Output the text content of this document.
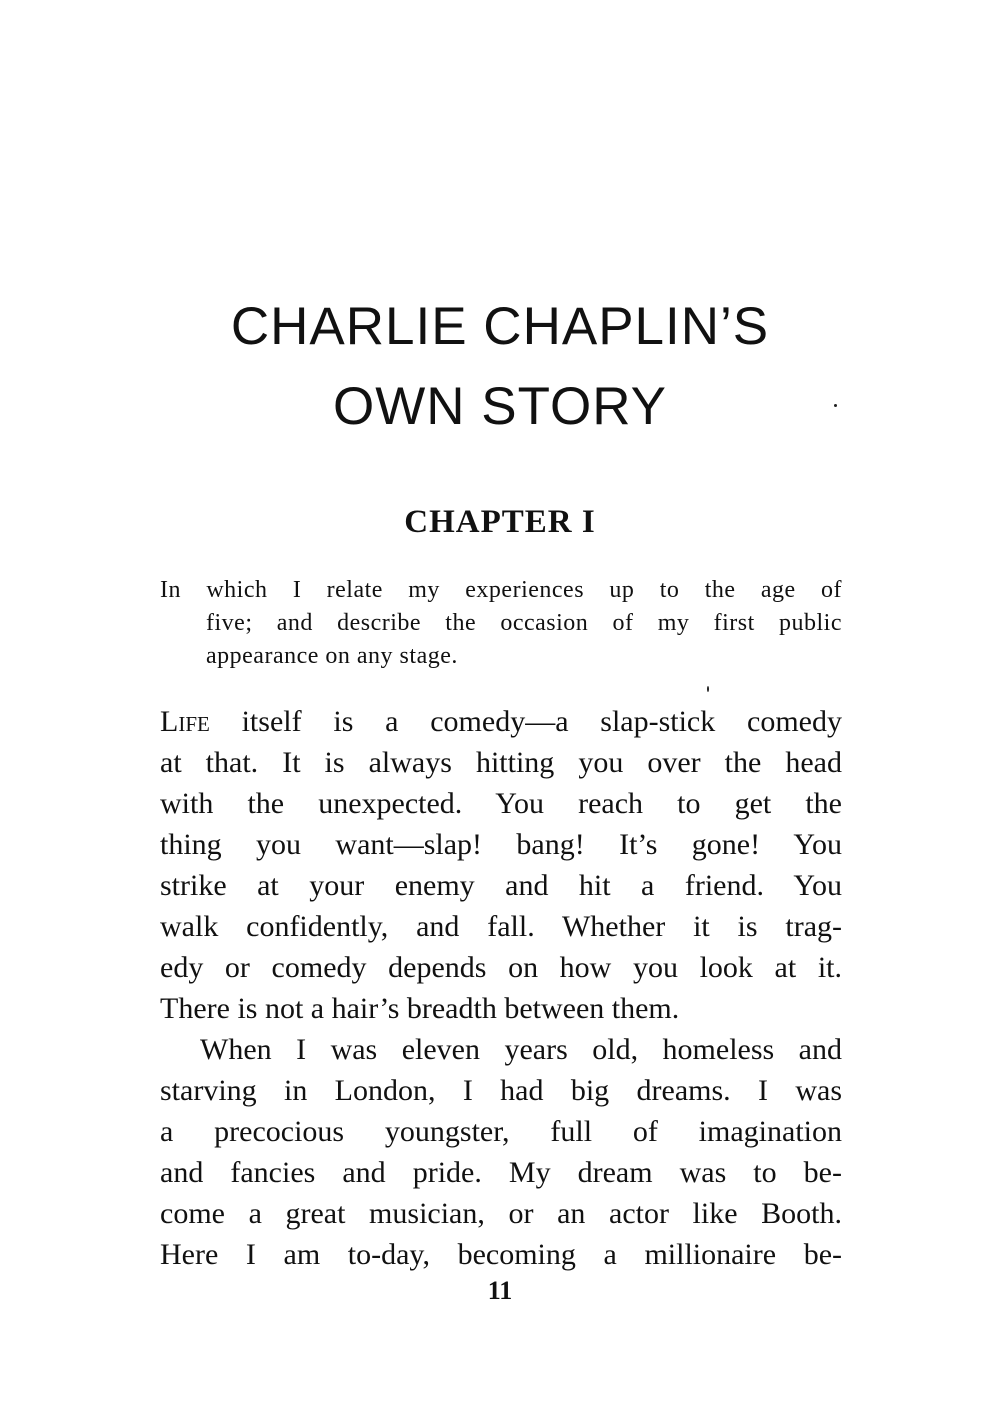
CHARLIE CHAPLIN’S
OWN STORY
CHAPTER I
In which I relate my experiences up to the age of
five; and describe the occasion of my first public
appearance on any stage.
Life itself is a comedy—a slap-stick comedy
at that. It is always hitting you over the head
with the unexpected. You reach to get the
thing you want—slap! bang! It’s gone! You
strike at your enemy and hit a friend. You
walk confidently, and fall. Whether it is trag-
edy or comedy depends on how you look at it.
There is not a hair’s breadth between them.
When I was eleven years old, homeless and
starving in London, I had big dreams. I was
a precocious youngster, full of imagination
and fancies and pride. My dream was to be-
come a great musician, or an actor like Booth.
Here I am to-day, becoming a millionaire be-
11
